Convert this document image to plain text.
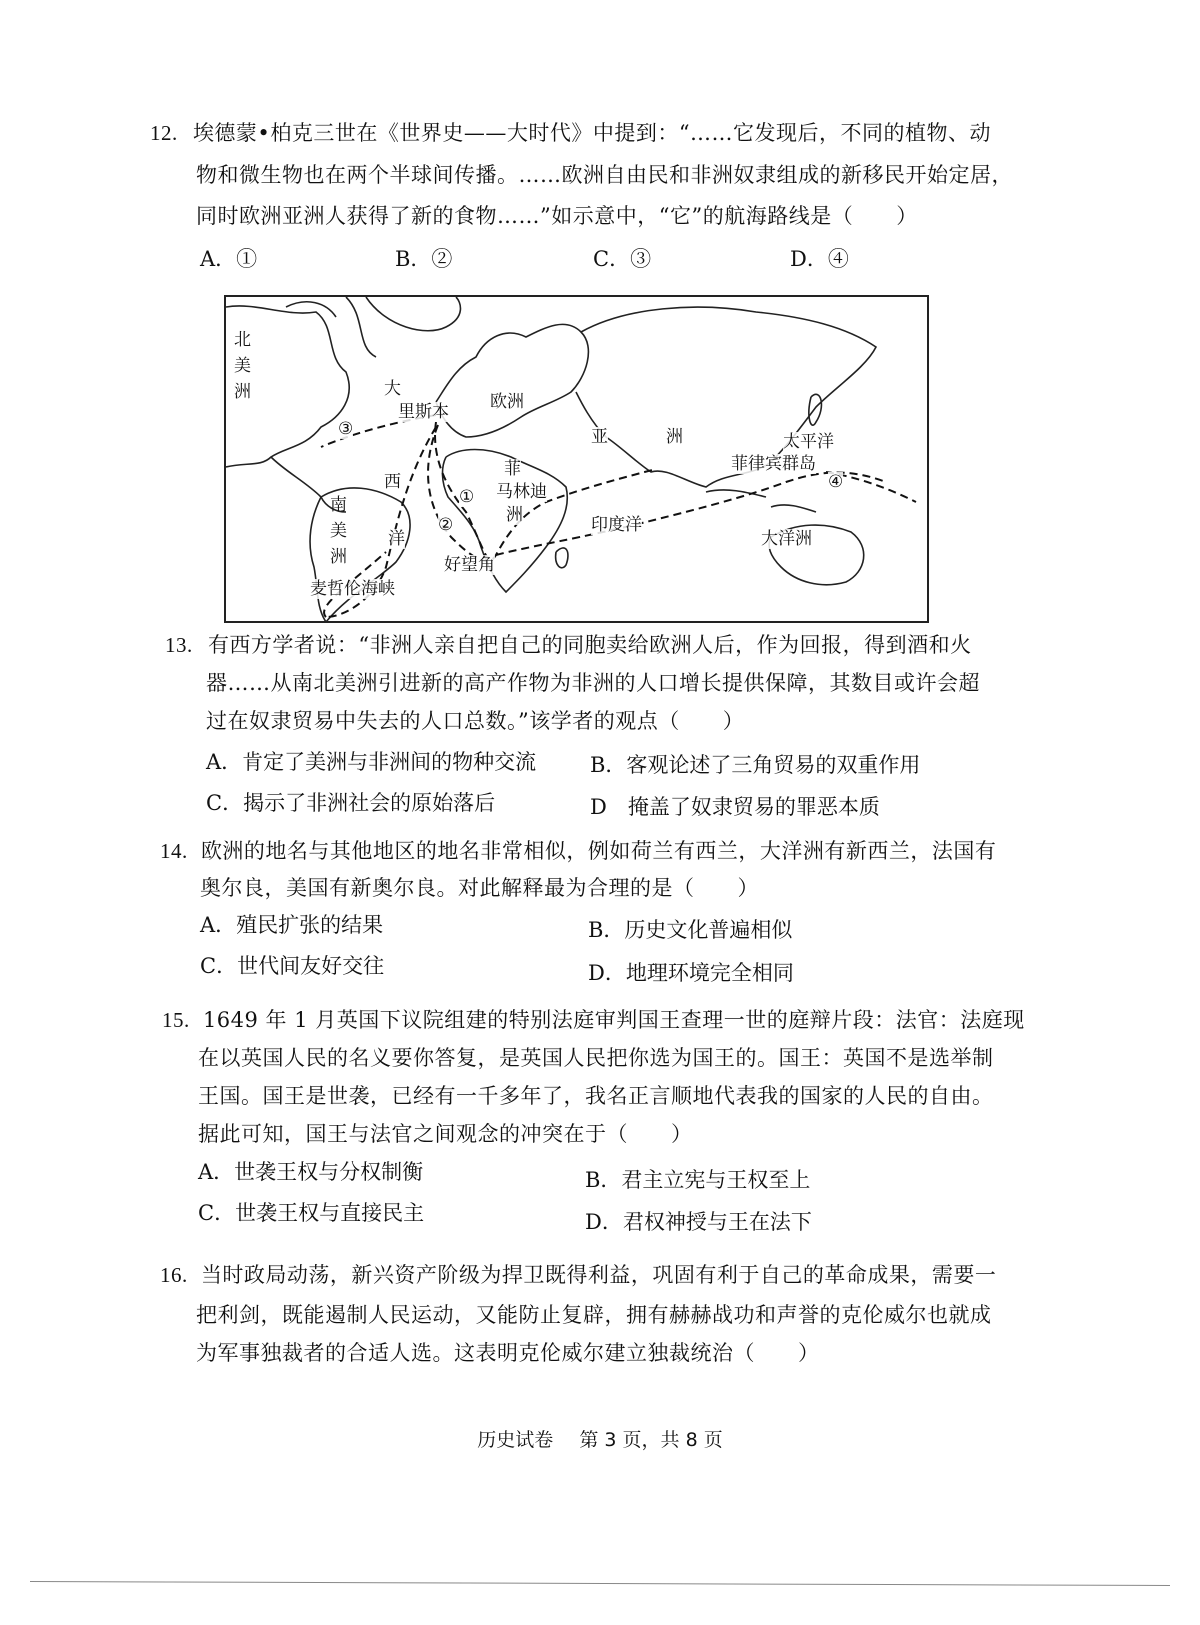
12. 埃德蒙•柏克三世在《世界史——大时代》中提到：“……它发现后，不同的植物、动
物和微生物也在两个半球间传播。……欧洲自由民和非洲奴隶组成的新移民开始定居，
同时欧洲亚洲人获得了新的食物……”如示意中，“它”的航海路线是（　　）
A．①	B．②	C．③	D．④
北美洲	大
西
洋
里斯本 欧洲
亚	洲	太平洋
菲律宾群岛
菲
马林迪
洲
南美洲
印度洋
大洋洲
好望角
麦哲伦海峡
①
②
③
④
13. 有西方学者说：“非洲人亲自把自己的同胞卖给欧洲人后，作为回报，得到酒和火
器……从南北美洲引进新的高产作物为非洲的人口增长提供保障，其数目或许会超
过在奴隶贸易中失去的人口总数。”该学者的观点（　　）
A．肯定了美洲与非洲间的物种交流	B．客观论述了三角贸易的双重作用
C．揭示了非洲社会的原始落后	D　掩盖了奴隶贸易的罪恶本质
14. 欧洲的地名与其他地区的地名非常相似，例如荷兰有西兰，大洋洲有新西兰，法国有
奥尔良，美国有新奥尔良。对此解释最为合理的是（　　）
A．殖民扩张的结果	B．历史文化普遍相似
C．世代间友好交往	D．地理环境完全相同
15. 1649 年 1 月英国下议院组建的特别法庭审判国王查理一世的庭辩片段：法官：法庭现
在以英国人民的名义要你答复，是英国人民把你选为国王的。国王：英国不是选举制
王国。国王是世袭，已经有一千多年了，我名正言顺地代表我的国家的人民的自由。
据此可知，国王与法官之间观念的冲突在于（　　）
A．世袭王权与分权制衡	B．君主立宪与王权至上
C．世袭王权与直接民主	D．君权神授与王在法下
16. 当时政局动荡，新兴资产阶级为捍卫既得利益，巩固有利于自己的革命成果，需要一
把利剑，既能遏制人民运动，又能防止复辟，拥有赫赫战功和声誉的克伦威尔也就成
为军事独裁者的合适人选。这表明克伦威尔建立独裁统治（　　）
历史试卷 第 3 页，共 8 页
